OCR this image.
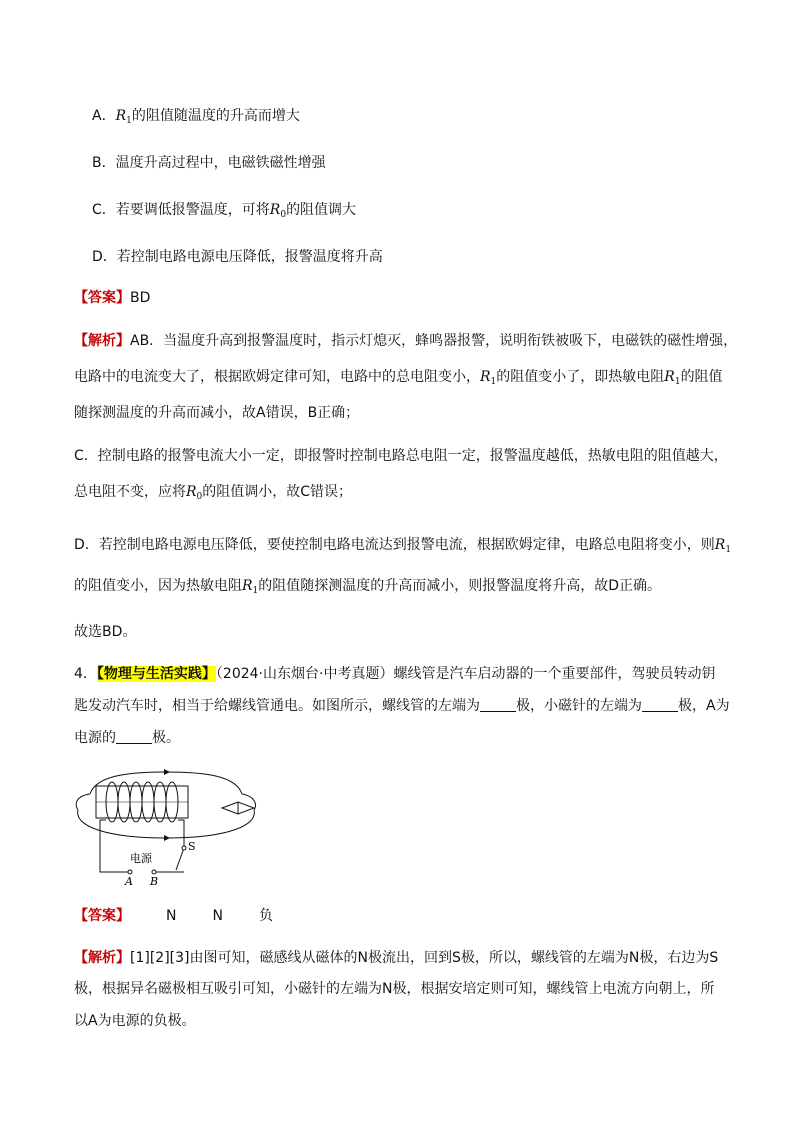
A．$R_1$的阻值随温度的升高而增大
B．温度升高过程中，电磁铁磁性增强
C．若要调低报警温度，可将$R_0$的阻值调大
D．若控制电路电源电压降低，报警温度将升高
【答案】BD
【解析】AB．当温度升高到报警温度时，指示灯熄灭，蜂鸣器报警，说明衔铁被吸下，电磁铁的磁性增强，
电路中的电流变大了，根据欧姆定律可知，电路中的总电阻变小，$R_1$的阻值变小了，即热敏电阻$R_1$的阻值
随探测温度的升高而减小，故A错误，B正确；
C．控制电路的报警电流大小一定，即报警时控制电路总电阻一定，报警温度越低，热敏电阻的阻值越大，
总电阻不变，应将$R_0$的阻值调小，故C错误；
D．若控制电路电源电压降低，要使控制电路电流达到报警电流，根据欧姆定律，电路总电阻将变小，则$R_1$
的阻值变小，因为热敏电阻$R_1$的阻值随探测温度的升高而减小，则报警温度将升高，故D正确。
故选BD。
4．【物理与生活实践】（2024·山东烟台·中考真题）螺线管是汽车启动器的一个重要部件，驾驶员转动钥
匙发动汽车时，相当于给螺线管通电。如图所示，螺线管的左端为	极，小磁针的左端为	极，A为
电源的	极。
电源
S
A B
【答案】	N	N	负
【解析】[1][2][3]由图可知，磁感线从磁体的N极流出，回到S极，所以，螺线管的左端为N极，右边为S
极，根据异名磁极相互吸引可知，小磁针的左端为N极，根据安培定则可知，螺线管上电流方向朝上，所
以A为电源的负极。
